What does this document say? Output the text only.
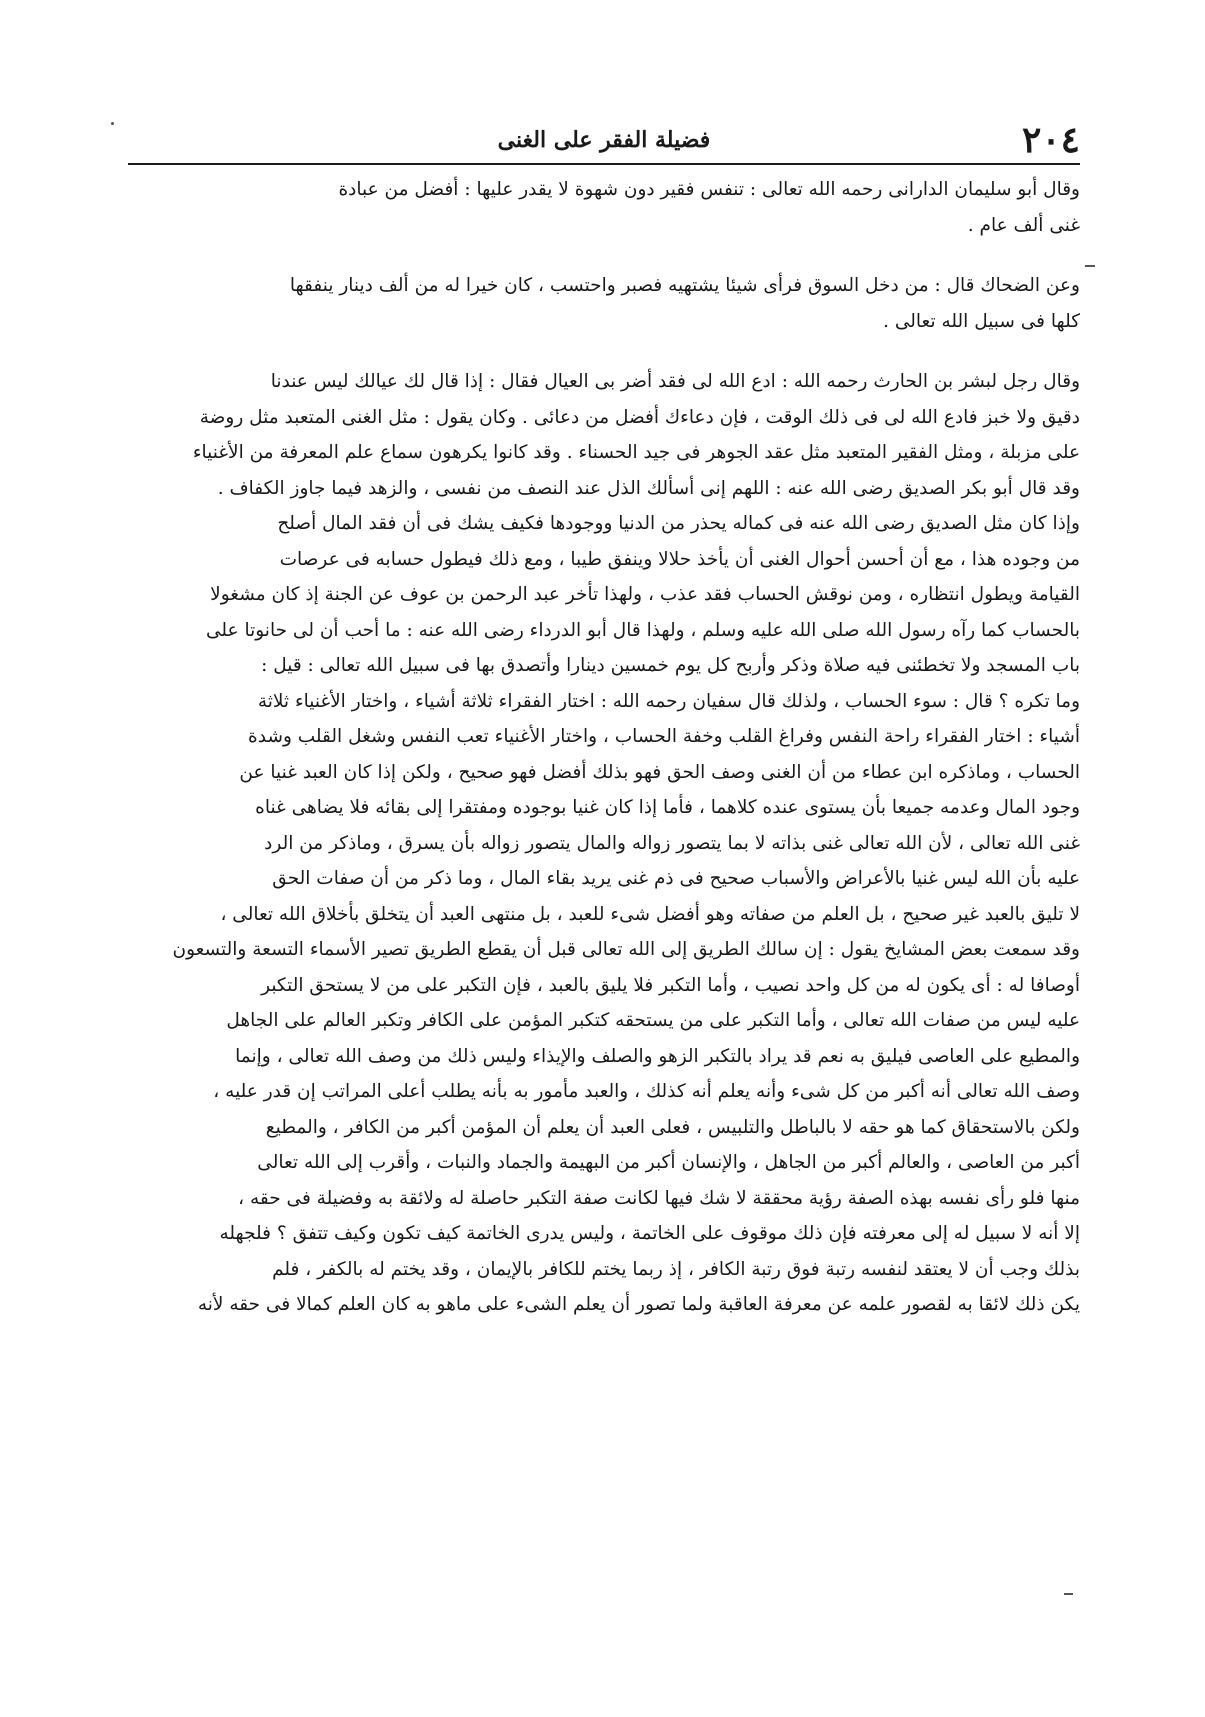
٢٠٤
فضيلة الفقر على الغنى
وقال أبو سليمان الدارانى رحمه الله تعالى : تنفس فقير دون شهوة لا يقدر عليها : أفضل من عبادة
غنى ألف عام .
وعن الضحاك قال : من دخل السوق فرأى شيئا يشتهيه فصبر واحتسب ، كان خيرا له من ألف دينار ينفقها
كلها فى سبيل الله تعالى .
وقال رجل لبشر بن الحارث رحمه الله : ادع الله لى فقد أضر بى العيال فقال : إذا قال لك عيالك ليس عندنا
دقيق ولا خبز فادع الله لى فى ذلك الوقت ، فإن دعاءك أفضل من دعائى . وكان يقول : مثل الغنى المتعبد مثل روضة
على مزبلة ، ومثل الفقير المتعبد مثل عقد الجوهر فى جيد الحسناء . وقد كانوا يكرهون سماع علم المعرفة من الأغنياء
وقد قال أبو بكر الصديق رضى الله عنه : اللهم إنى أسألك الذل عند النصف من نفسى ، والزهد فيما جاوز الكفاف .
وإذا كان مثل الصديق رضى الله عنه فى كماله يحذر من الدنيا ووجودها فكيف يشك فى أن فقد المال أصلح
من وجوده هذا ، مع أن أحسن أحوال الغنى أن يأخذ حلالا وينفق طيبا ، ومع ذلك فيطول حسابه فى عرصات
القيامة ويطول انتظاره ، ومن نوقش الحساب فقد عذب ، ولهذا تأخر عبد الرحمن بن عوف عن الجنة إذ كان مشغولا
بالحساب كما رآه رسول الله صلى الله عليه وسلم ، ولهذا قال أبو الدرداء رضى الله عنه : ما أحب أن لى حانوتا على
باب المسجد ولا تخطئنى فيه صلاة وذكر وأربح كل يوم خمسين دينارا وأتصدق بها فى سبيل الله تعالى : قيل :
وما تكره ؟ قال : سوء الحساب ، ولذلك قال سفيان رحمه الله : اختار الفقراء ثلاثة أشياء ، واختار الأغنياء ثلاثة
أشياء : اختار الفقراء راحة النفس وفراغ القلب وخفة الحساب ، واختار الأغنياء تعب النفس وشغل القلب وشدة
الحساب ، وماذكره ابن عطاء من أن الغنى وصف الحق فهو بذلك أفضل فهو صحيح ، ولكن إذا كان العبد غنيا عن
وجود المال وعدمه جميعا بأن يستوى عنده كلاهما ، فأما إذا كان غنيا بوجوده ومفتقرا إلى بقائه فلا يضاهى غناه
غنى الله تعالى ، لأن الله تعالى غنى بذاته لا بما يتصور زواله والمال يتصور زواله بأن يسرق ، وماذكر من الرد
عليه بأن الله ليس غنيا بالأعراض والأسباب صحيح فى ذم غنى يريد بقاء المال ، وما ذكر من أن صفات الحق
لا تليق بالعبد غير صحيح ، بل العلم من صفاته وهو أفضل شىء للعبد ، بل منتهى العبد أن يتخلق بأخلاق الله تعالى ،
وقد سمعت بعض المشايخ يقول : إن سالك الطريق إلى الله تعالى قبل أن يقطع الطريق تصير الأسماء التسعة والتسعون
أوصافا له : أى يكون له من كل واحد نصيب ، وأما التكبر فلا يليق بالعبد ، فإن التكبر على من لا يستحق التكبر
عليه ليس من صفات الله تعالى ، وأما التكبر على من يستحقه كتكبر المؤمن على الكافر وتكبر العالم على الجاهل
والمطيع على العاصى فيليق به نعم قد يراد بالتكبر الزهو والصلف والإيذاء وليس ذلك من وصف الله تعالى ، وإنما
وصف الله تعالى أنه أكبر من كل شىء وأنه يعلم أنه كذلك ، والعبد مأمور به بأنه يطلب أعلى المراتب إن قدر عليه ،
ولكن بالاستحقاق كما هو حقه لا بالباطل والتلبيس ، فعلى العبد أن يعلم أن المؤمن أكبر من الكافر ، والمطيع
أكبر من العاصى ، والعالم أكبر من الجاهل ، والإنسان أكبر من البهيمة والجماد والنبات ، وأقرب إلى الله تعالى
منها فلو رأى نفسه بهذه الصفة رؤية محققة لا شك فيها لكانت صفة التكبر حاصلة له ولائقة به وفضيلة فى حقه ،
إلا أنه لا سبيل له إلى معرفته فإن ذلك موقوف على الخاتمة ، وليس يدرى الخاتمة كيف تكون وكيف تتفق ؟ فلجهله
بذلك وجب أن لا يعتقد لنفسه رتبة فوق رتبة الكافر ، إذ ربما يختم للكافر بالإيمان ، وقد يختم له بالكفر ، فلم
يكن ذلك لائقا به لقصور علمه عن معرفة العاقبة ولما تصور أن يعلم الشىء على ماهو به كان العلم كمالا فى حقه لأنه
